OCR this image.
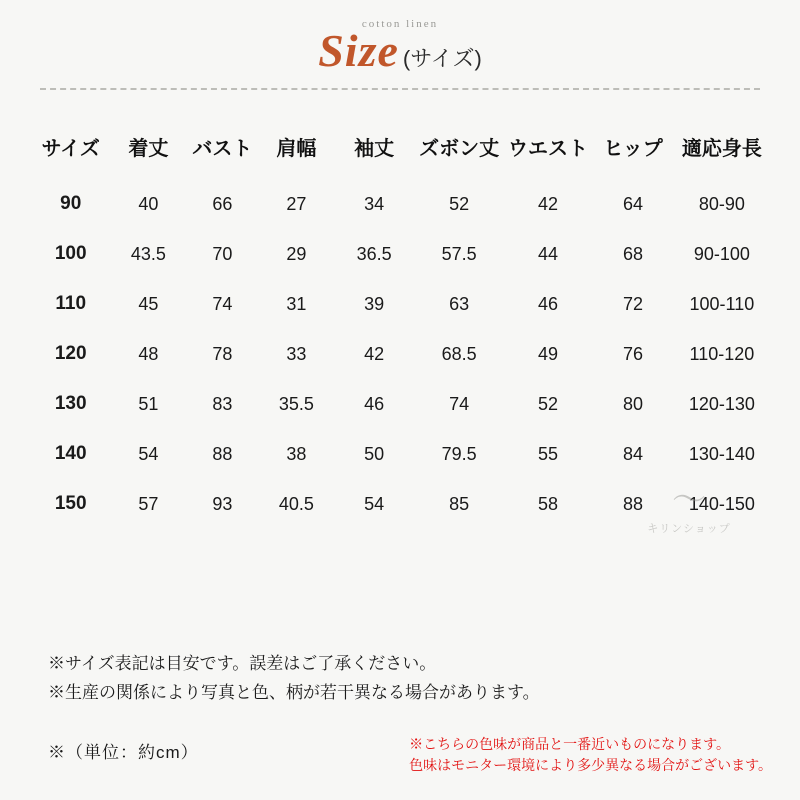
cotton linen
Size (サイズ)
サイズ	着丈	バスト	肩幅	袖丈	ズボン丈	ウエスト	ヒップ	適応身長
90	40	66	27	34	52	42	64	80-90
100	43.5	70	29	36.5	57.5	44	68	90-100
110	45	74	31	39	63	46	72	100-110
120	48	78	33	42	68.5	49	76	110-120
130	51	83	35.5	46	74	52	80	120-130
140	54	88	38	50	79.5	55	84	130-140
150	57	93	40.5	54	85	58	88	140-150
〜
キリンショップ
※サイズ表記は目安です。誤差はご了承ください。
※生産の関係により写真と色、柄が若干異なる場合があります。
※（単位：約cm）	※こちらの色味が商品と一番近いものになります。
色味はモニター環境により多少異なる場合がございます。
